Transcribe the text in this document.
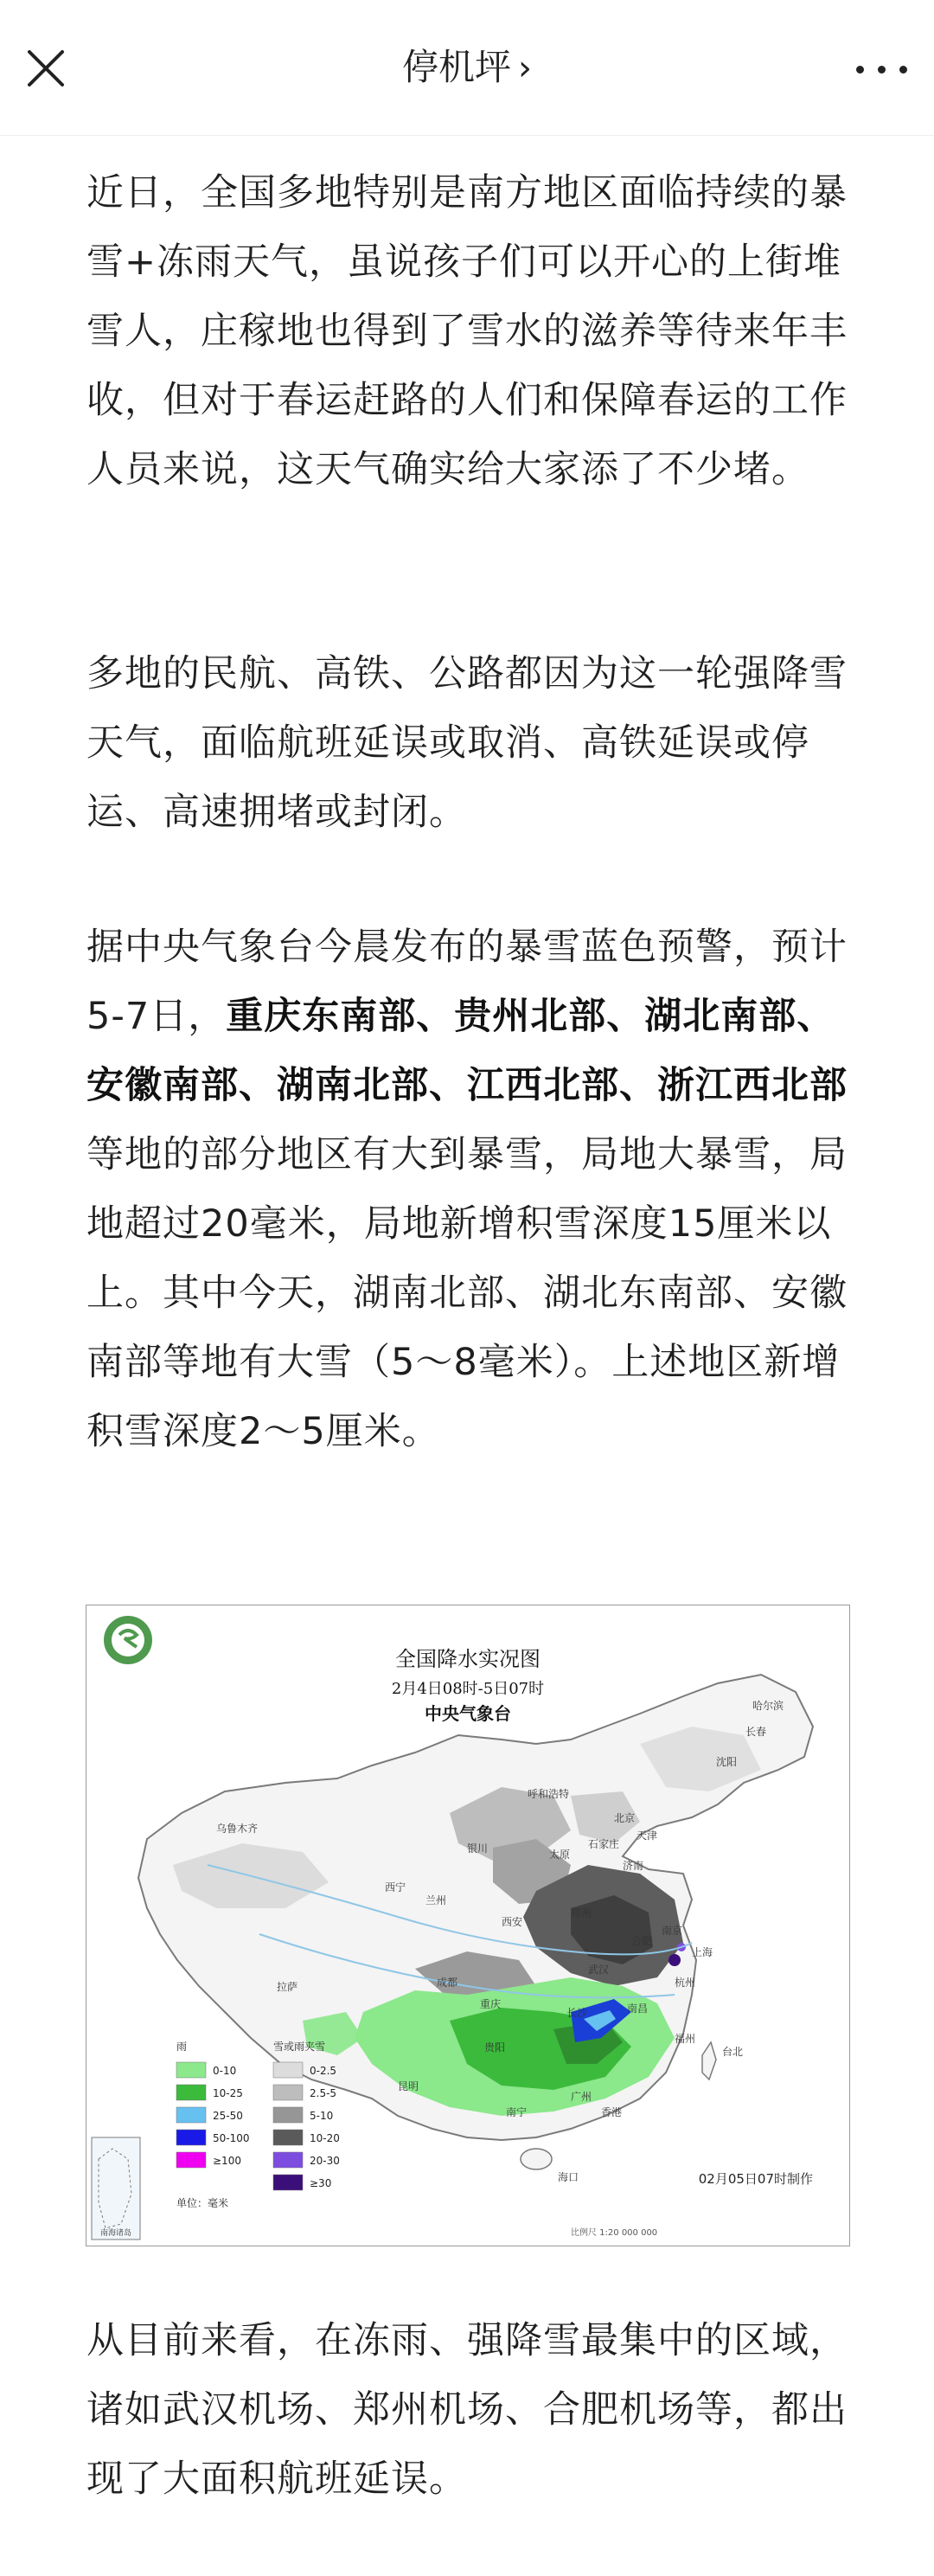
停机坪 ›

近日，全国多地特别是南方地区面临持续的暴雪+冻雨天气，虽说孩子们可以开心的上街堆雪人，庄稼地也得到了雪水的滋养等待来年丰收，但对于春运赶路的人们和保障春运的工作人员来说，这天气确实给大家添了不少堵。

多地的民航、高铁、公路都因为这一轮强降雪天气，面临航班延误或取消、高铁延误或停运、高速拥堵或封闭。

据中央气象台今晨发布的暴雪蓝色预警，预计5-7日，重庆东南部、贵州北部、湖北南部、安徽南部、湖南北部、江西北部、浙江西北部等地的部分地区有大到暴雪，局地大暴雪，局地超过20毫米，局地新增积雪深度15厘米以上。其中今天，湖南北部、湖北东南部、安徽南部等地有大雪（5～8毫米）。上述地区新增积雪深度2～5厘米。

全国降水实况图
2月4日08时-5日07时
中央气象台
乌鲁木齐
哈尔滨
长春
沈阳
北京
天津
石家庄
太原
济南
呼和浩特
银川
西宁
兰州
西安
郑州
合肥
南京
上海
武汉
杭州
长沙	南昌
福州
台北
贵阳
昆明
南宁
广州
香港
海口
拉萨	成都
重庆
南海诸岛
雨	雪或雨夹雪
0-10
10-25
25-50
50-100
≥100
0-2.5
2.5-5
5-10
10-20
20-30
≥30
单位：毫米
02月05日07时制作
比例尺 1:20 000 000

从目前来看，在冻雨、强降雪最集中的区域，诸如武汉机场、郑州机场、合肥机场等，都出现了大面积航班延误。
